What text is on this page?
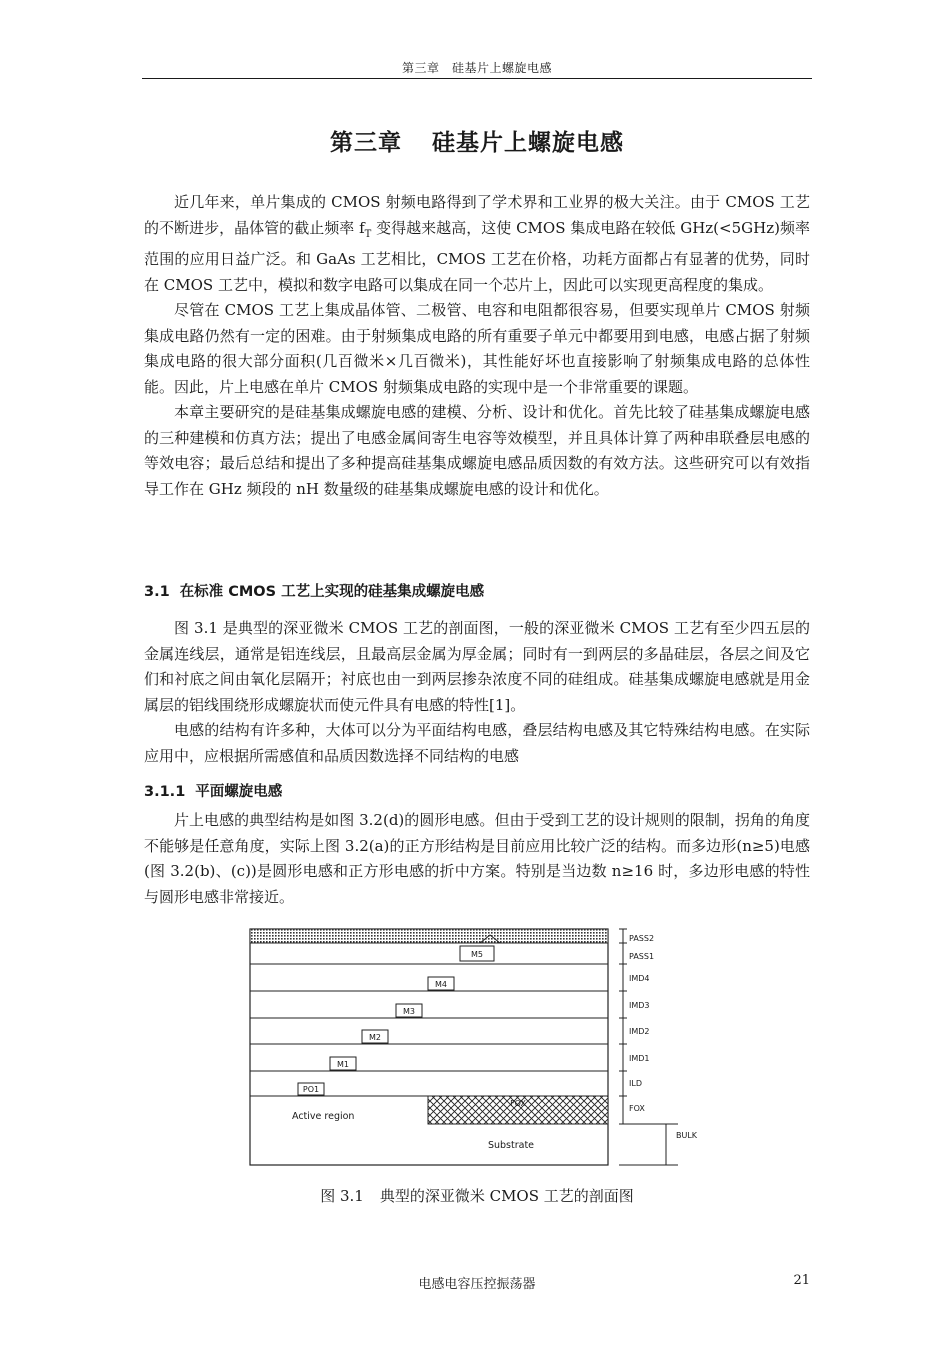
第三章　硅基片上螺旋电感
第三章 硅基片上螺旋电感

近几年来，单片集成的 CMOS 射频电路得到了学术界和工业界的极大关注。由于 CMOS 工艺的不断进步，晶体管的截止频率 $f_T$ 变得越来越高，这使 CMOS 集成电路在较低 GHz(<5GHz)频率范围的应用日益广泛。和 GaAs 工艺相比，CMOS 工艺在价格，功耗方面都占有显著的优势，同时在 CMOS 工艺中，模拟和数字电路可以集成在同一个芯片上，因此可以实现更高程度的集成。

尽管在 CMOS 工艺上集成晶体管、二极管、电容和电阻都很容易，但要实现单片 CMOS 射频集成电路仍然有一定的困难。由于射频集成电路的所有重要子单元中都要用到电感，电感占据了射频集成电路的很大部分面积(几百微米×几百微米)，其性能好坏也直接影响了射频集成电路的总体性能。因此，片上电感在单片 CMOS 射频集成电路的实现中是一个非常重要的课题。

本章主要研究的是硅基集成螺旋电感的建模、分析、设计和优化。首先比较了硅基集成螺旋电感的三种建模和仿真方法；提出了电感金属间寄生电容等效模型，并且具体计算了两种串联叠层电感的等效电容；最后总结和提出了多种提高硅基集成螺旋电感品质因数的有效方法。这些研究可以有效指导工作在 GHz 频段的 nH 数量级的硅基集成螺旋电感的设计和优化。

3.1 在标准 CMOS 工艺上实现的硅基集成螺旋电感

图 3.1 是典型的深亚微米 CMOS 工艺的剖面图，一般的深亚微米 CMOS 工艺有至少四五层的金属连线层，通常是铝连线层，且最高层金属为厚金属；同时有一到两层的多晶硅层，各层之间及它们和衬底之间由氧化层隔开；衬底也由一到两层掺杂浓度不同的硅组成。硅基集成螺旋电感就是用金属层的铝线围绕形成螺旋状而使元件具有电感的特性[1]。

电感的结构有许多种，大体可以分为平面结构电感，叠层结构电感及其它特殊结构电感。在实际应用中，应根据所需感值和品质因数选择不同结构的电感

3.1.1 平面螺旋电感

片上电感的典型结构是如图 3.2(d)的圆形电感。但由于受到工艺的设计规则的限制，拐角的角度不能够是任意角度，实际上图 3.2(a)的正方形结构是目前应用比较广泛的结构。而多边形(n≥5)电感(图 3.2(b)、(c))是圆形电感和正方形电感的折中方案。特别是当边数 n≥16 时，多边形电感的特性与圆形电感非常接近。

M5
M4
M3
M2
M1
PO1
Active region
FOX
Substrate
PASS2
PASS1
IMD4
IMD3
IMD2
IMD1
ILD
FOX
BULK
图 3.1 典型的深亚微米 CMOS 工艺的剖面图
电感电容压控振荡器	21
